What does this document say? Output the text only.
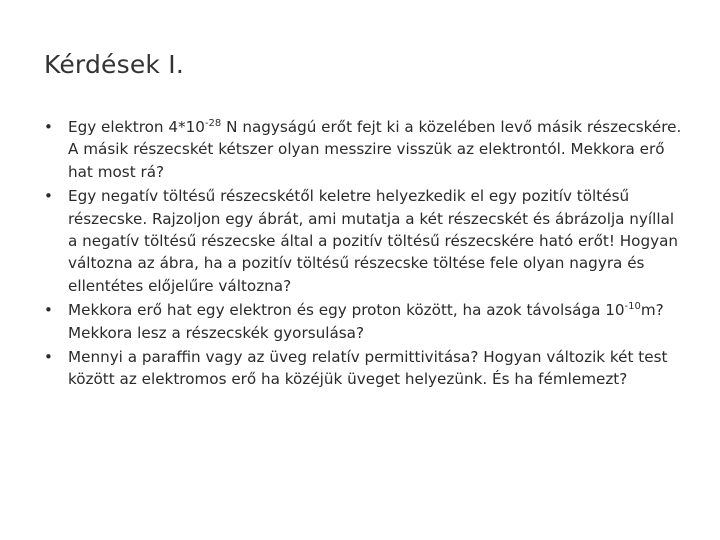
Kérdések I.
• Egy elektron $4*10^{-28}$ N nagyságú erőt fejt ki a közelében levő másik részecskére. A másik részecskét kétszer olyan messzire visszük az elektrontól. Mekkora erő hat most rá?
• Egy negatív töltésű részecskétől keletre helyezkedik el egy pozitív töltésű részecske. Rajzoljon egy ábrát, ami mutatja a két részecskét és ábrázolja nyíllal a negatív töltésű részecske által a pozitív töltésű részecskére ható erőt! Hogyan változna az ábra, ha a pozitív töltésű részecske töltése fele olyan nagyra és ellentétes előjelűre változna?
• Mekkora erő hat egy elektron és egy proton között, ha azok távolsága $10^{-10}m$? Mekkora lesz a részecskék gyorsulása?
• Mennyi a paraffin vagy az üveg relatív permittivitása? Hogyan változik két test között az elektromos erő ha közéjük üveget helyezünk. És ha fémlemezt?
